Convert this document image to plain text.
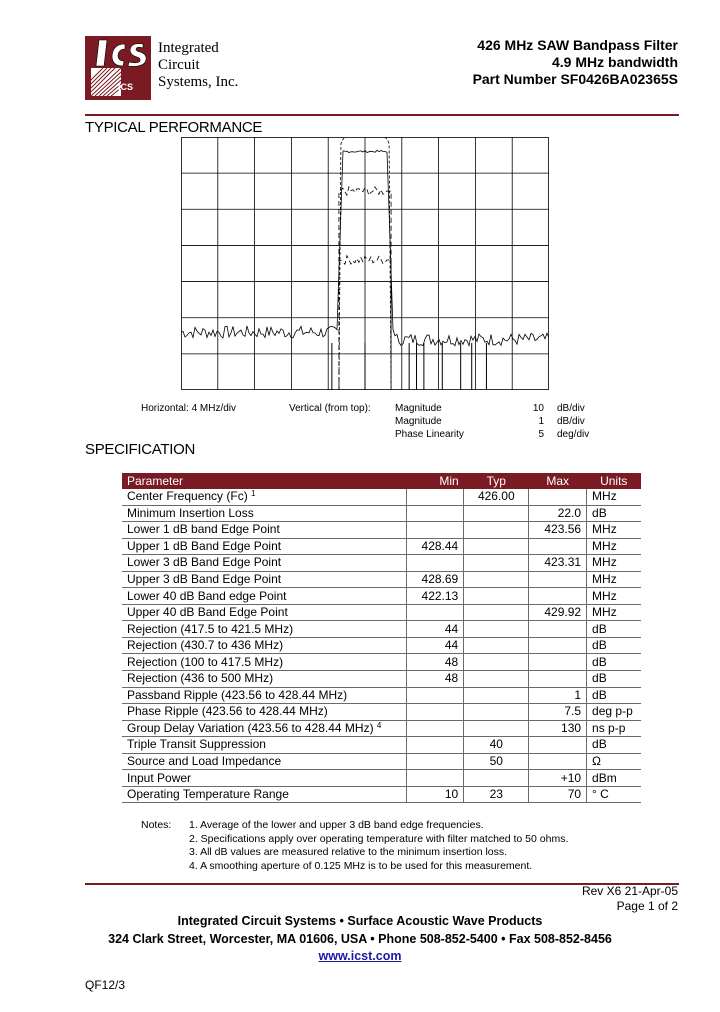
ICS
Integrated
Circuit
Systems, Inc.
426 MHz SAW Bandpass Filter
4.9 MHz bandwidth
Part Number SF0426BA02365S
TYPICAL PERFORMANCE
Horizontal: 4 MHz/div	Vertical (from top): Magnitude
Magnitude
Phase Linearity
10
1
5
dB/div
dB/div
deg/div
SPECIFICATION
Parameter	Min	Typ	Max	Units
Center Frequency (Fc) $^1$		426.00		MHz
Minimum Insertion Loss			22.0	dB
Lower 1 dB band Edge Point			423.56	MHz
Upper 1 dB Band Edge Point	428.44			MHz
Lower 3 dB Band Edge Point			423.31	MHz
Upper 3 dB Band Edge Point	428.69			MHz
Lower 40 dB Band edge Point	422.13			MHz
Upper 40 dB Band Edge Point			429.92	MHz
Rejection (417.5 to 421.5 MHz)	44			dB
Rejection (430.7 to 436 MHz)	44			dB
Rejection (100 to 417.5 MHz)	48			dB
Rejection (436 to 500 MHz)	48			dB
Passband Ripple (423.56 to 428.44 MHz)			1	dB
Phase Ripple (423.56 to 428.44 MHz)			7.5	deg p-p
Group Delay Variation (423.56 to 428.44 MHz) $^4$			130	ns p-p
Triple Transit Suppression		40		dB
Source and Load Impedance		50		Ω
Input Power			+10	dBm
Operating Temperature Range	10	23	70	° C
Notes: 1. Average of the lower and upper 3 dB band edge frequencies.
2. Specifications apply over operating temperature with filter matched to 50 ohms.
3. All dB values are measured relative to the minimum insertion loss.
4. A smoothing aperture of 0.125 MHz is to be used for this measurement.
Rev X6 21-Apr-05
Page 1 of 2
Integrated Circuit Systems • Surface Acoustic Wave Products
324 Clark Street, Worcester, MA 01606, USA • Phone 508-852-5400 • Fax 508-852-8456
www.icst.com
QF12/3
